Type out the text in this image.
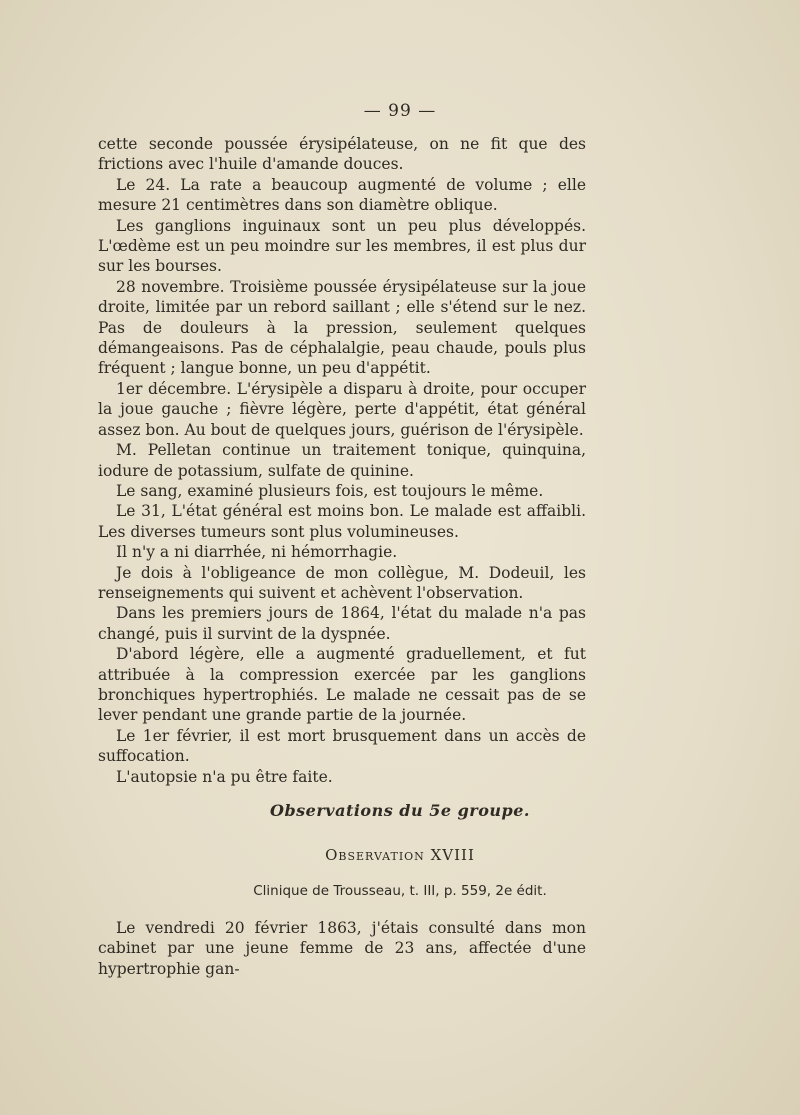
— 99 —

cette seconde poussée érysipélateuse, on ne fit que des frictions avec l'huile d'amande douces.

Le 24. La rate a beaucoup augmenté de volume ; elle mesure 21 centimètres dans son diamètre oblique.

Les ganglions inguinaux sont un peu plus développés. L'œdème est un peu moindre sur les membres, il est plus dur sur les bourses.

28 novembre. Troisième poussée érysipélateuse sur la joue droite, limitée par un rebord saillant ; elle s'étend sur le nez. Pas de douleurs à la pression, seulement quelques démangeaisons. Pas de céphalalgie, peau chaude, pouls plus fréquent ; langue bonne, un peu d'appétit.

1er décembre. L'érysipèle a disparu à droite, pour occuper la joue gauche ; fièvre légère, perte d'appétit, état général assez bon. Au bout de quelques jours, guérison de l'érysipèle.

M. Pelletan continue un traitement tonique, quinquina, iodure de potassium, sulfate de quinine.

Le sang, examiné plusieurs fois, est toujours le même.

Le 31, L'état général est moins bon. Le malade est affaibli. Les diverses tumeurs sont plus volumineuses.

Il n'y a ni diarrhée, ni hémorrhagie.

Je dois à l'obligeance de mon collègue, M. Dodeuil, les renseignements qui suivent et achèvent l'observation.

Dans les premiers jours de 1864, l'état du malade n'a pas changé, puis il survint de la dyspnée.

D'abord légère, elle a augmenté graduellement, et fut attribuée à la compression exercée par les ganglions bronchiques hypertrophiés. Le malade ne cessait pas de se lever pendant une grande partie de la journée.

Le 1er février, il est mort brusquement dans un accès de suffocation.

L'autopsie n'a pu être faite.

Observations du 5e groupe.
Observation XVIII
Clinique de Trousseau, t. III, p. 559, 2e édit.

Le vendredi 20 février 1863, j'étais consulté dans mon cabinet par une jeune femme de 23 ans, affectée d'une hypertrophie gan-
